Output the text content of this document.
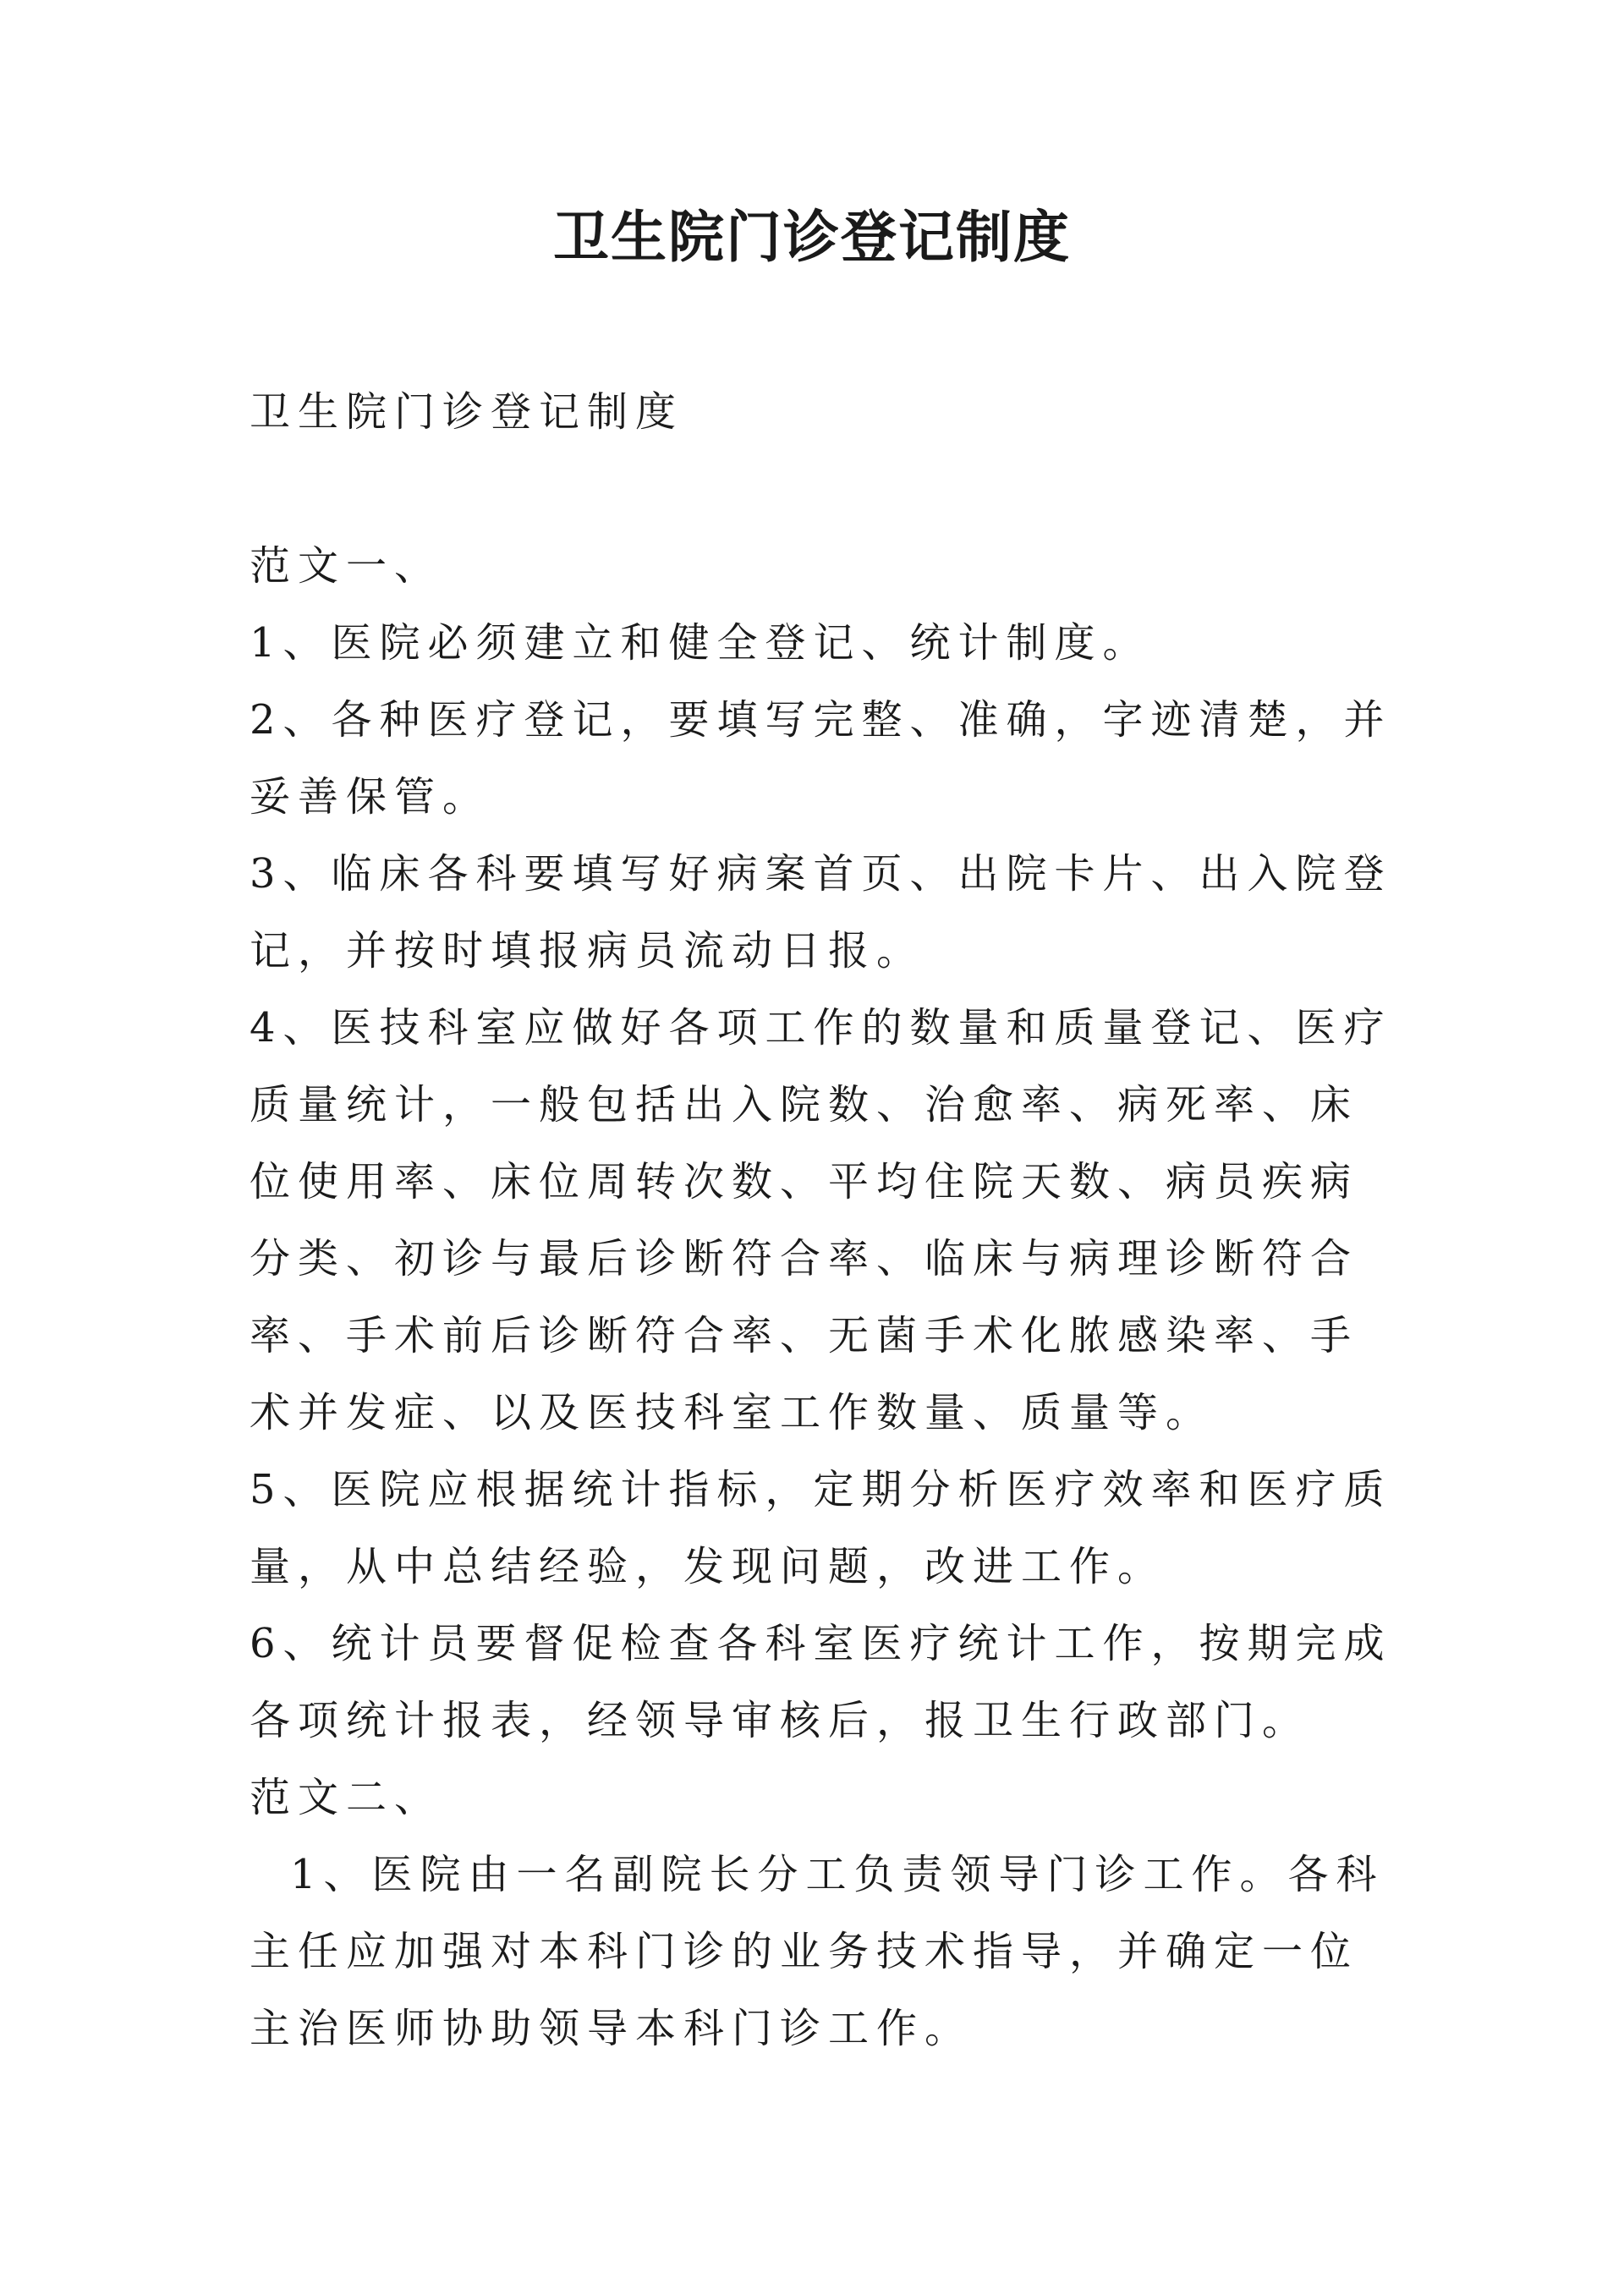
卫生院门诊登记制度

卫生院门诊登记制度

范文一、

1、医院必须建立和健全登记、统计制度。

2、各种医疗登记，要填写完整、准确，字迹清楚，并妥善保管。

3、临床各科要填写好病案首页、出院卡片、出入院登记，并按时填报病员流动日报。

4、医技科室应做好各项工作的数量和质量登记、医疗质量统计，一般包括出入院数、治愈率、病死率、床位使用率、床位周转次数、平均住院天数、病员疾病分类、初诊与最后诊断符合率、临床与病理诊断符合率、手术前后诊断符合率、无菌手术化脓感染率、手术并发症、以及医技科室工作数量、质量等。

5、医院应根据统计指标，定期分析医疗效率和医疗质量，从中总结经验，发现问题，改进工作。

6、统计员要督促检查各科室医疗统计工作，按期完成各项统计报表，经领导审核后，报卫生行政部门。

范文二、

1、医院由一名副院长分工负责领导门诊工作。各科主任应加强对本科门诊的业务技术指导，并确定一位主治医师协助领导本科门诊工作。
